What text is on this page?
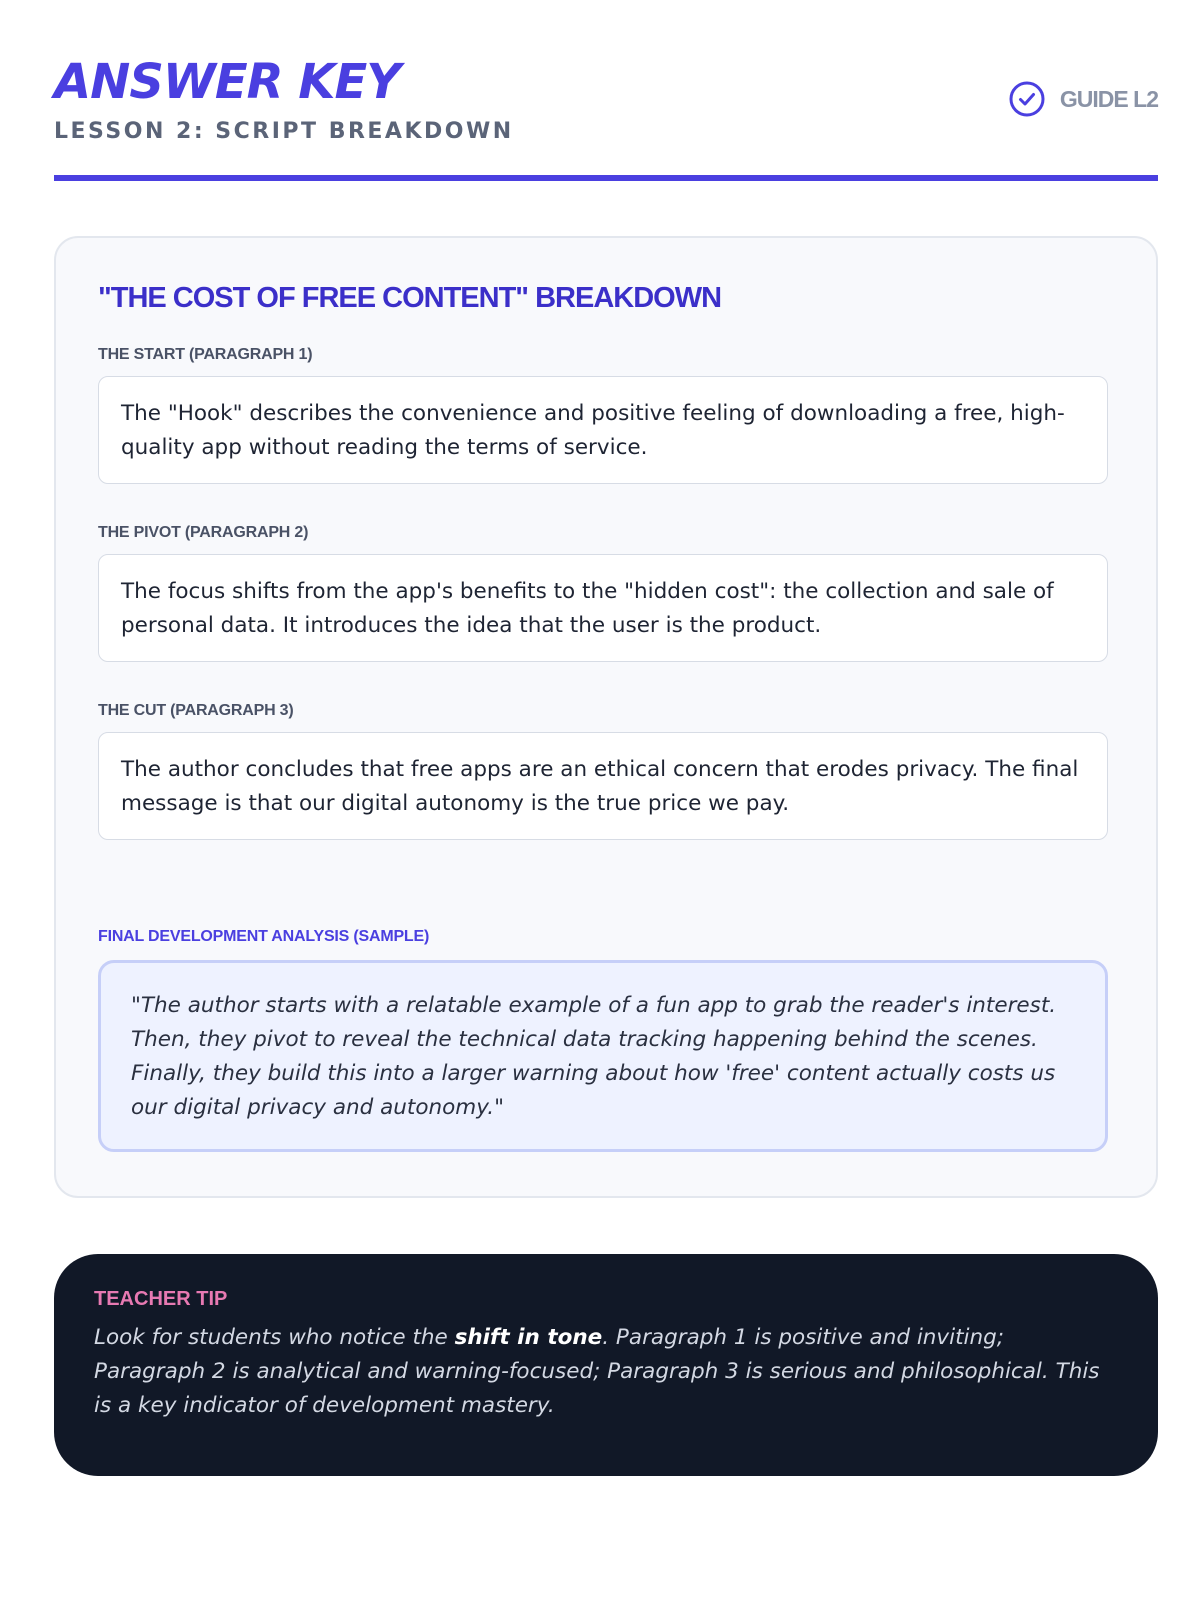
ANSWER KEY
LESSON 2: SCRIPT BREAKDOWN
GUIDE L2
"THE COST OF FREE CONTENT" BREAKDOWN
THE START (PARAGRAPH 1)
The "Hook" describes the convenience and positive feeling of downloading a free, high-quality app without reading the terms of service.
THE PIVOT (PARAGRAPH 2)
The focus shifts from the app's benefits to the "hidden cost": the collection and sale of personal data. It introduces the idea that the user is the product.
THE CUT (PARAGRAPH 3)
The author concludes that free apps are an ethical concern that erodes privacy. The final message is that our digital autonomy is the true price we pay.
FINAL DEVELOPMENT ANALYSIS (SAMPLE)
"The author starts with a relatable example of a fun app to grab the reader's interest. Then, they pivot to reveal the technical data tracking happening behind the scenes. Finally, they build this into a larger warning about how 'free' content actually costs us our digital privacy and autonomy."
TEACHER TIP
Look for students who notice the shift in tone. Paragraph 1 is positive and inviting; Paragraph 2 is analytical and warning-focused; Paragraph 3 is serious and philosophical. This is a key indicator of development mastery.
